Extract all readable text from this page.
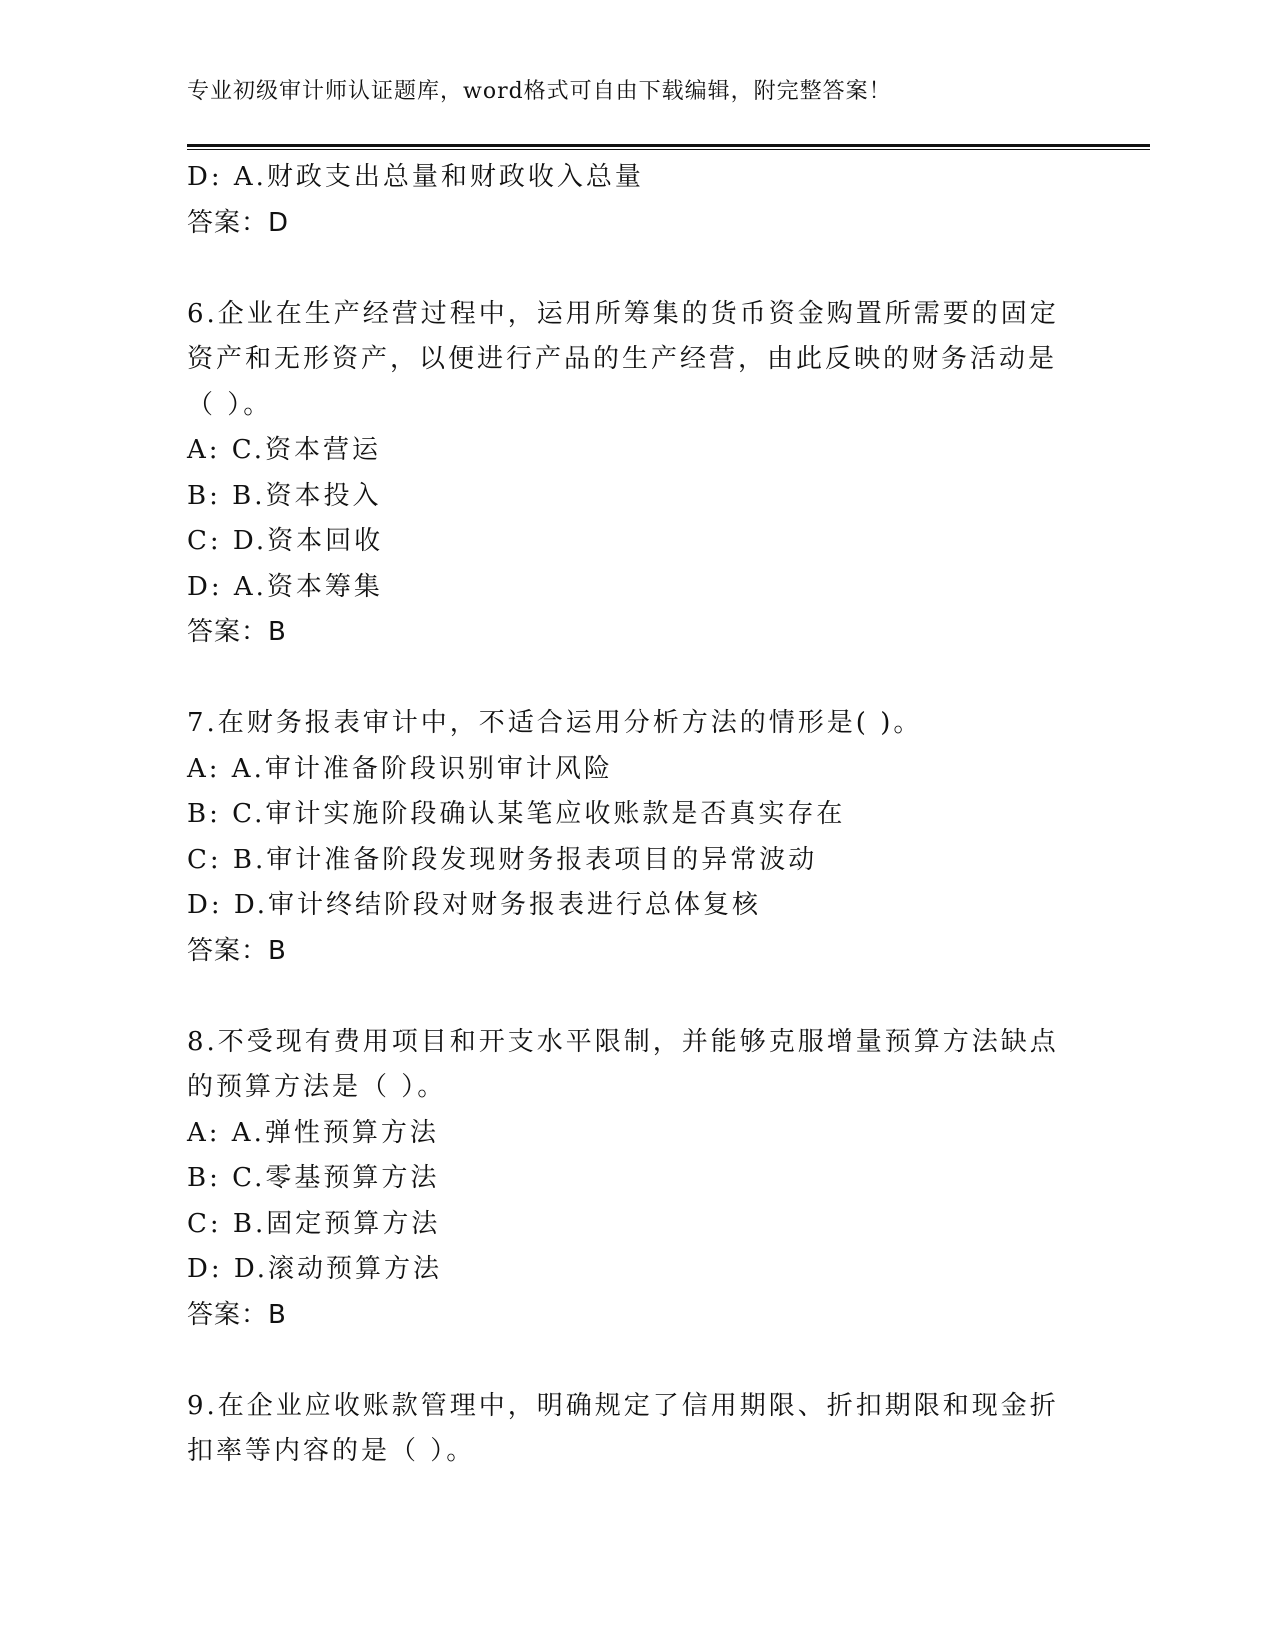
专业初级审计师认证题库，word格式可自由下载编辑，附完整答案！
D: A.财政支出总量和财政收入总量
答案：D
6.企业在生产经营过程中，运用所筹集的货币资金购置所需要的固定
资产和无形资产，以便进行产品的生产经营，由此反映的财务活动是
（ ）。
A: C.资本营运
B: B.资本投入
C: D.资本回收
D: A.资本筹集
答案：B
7.在财务报表审计中，不适合运用分析方法的情形是( )。
A: A.审计准备阶段识别审计风险
B: C.审计实施阶段确认某笔应收账款是否真实存在
C: B.审计准备阶段发现财务报表项目的异常波动
D: D.审计终结阶段对财务报表进行总体复核
答案：B
8.不受现有费用项目和开支水平限制，并能够克服增量预算方法缺点
的预算方法是（ ）。
A: A.弹性预算方法
B: C.零基预算方法
C: B.固定预算方法
D: D.滚动预算方法
答案：B
9.在企业应收账款管理中，明确规定了信用期限、折扣期限和现金折
扣率等内容的是（ ）。
